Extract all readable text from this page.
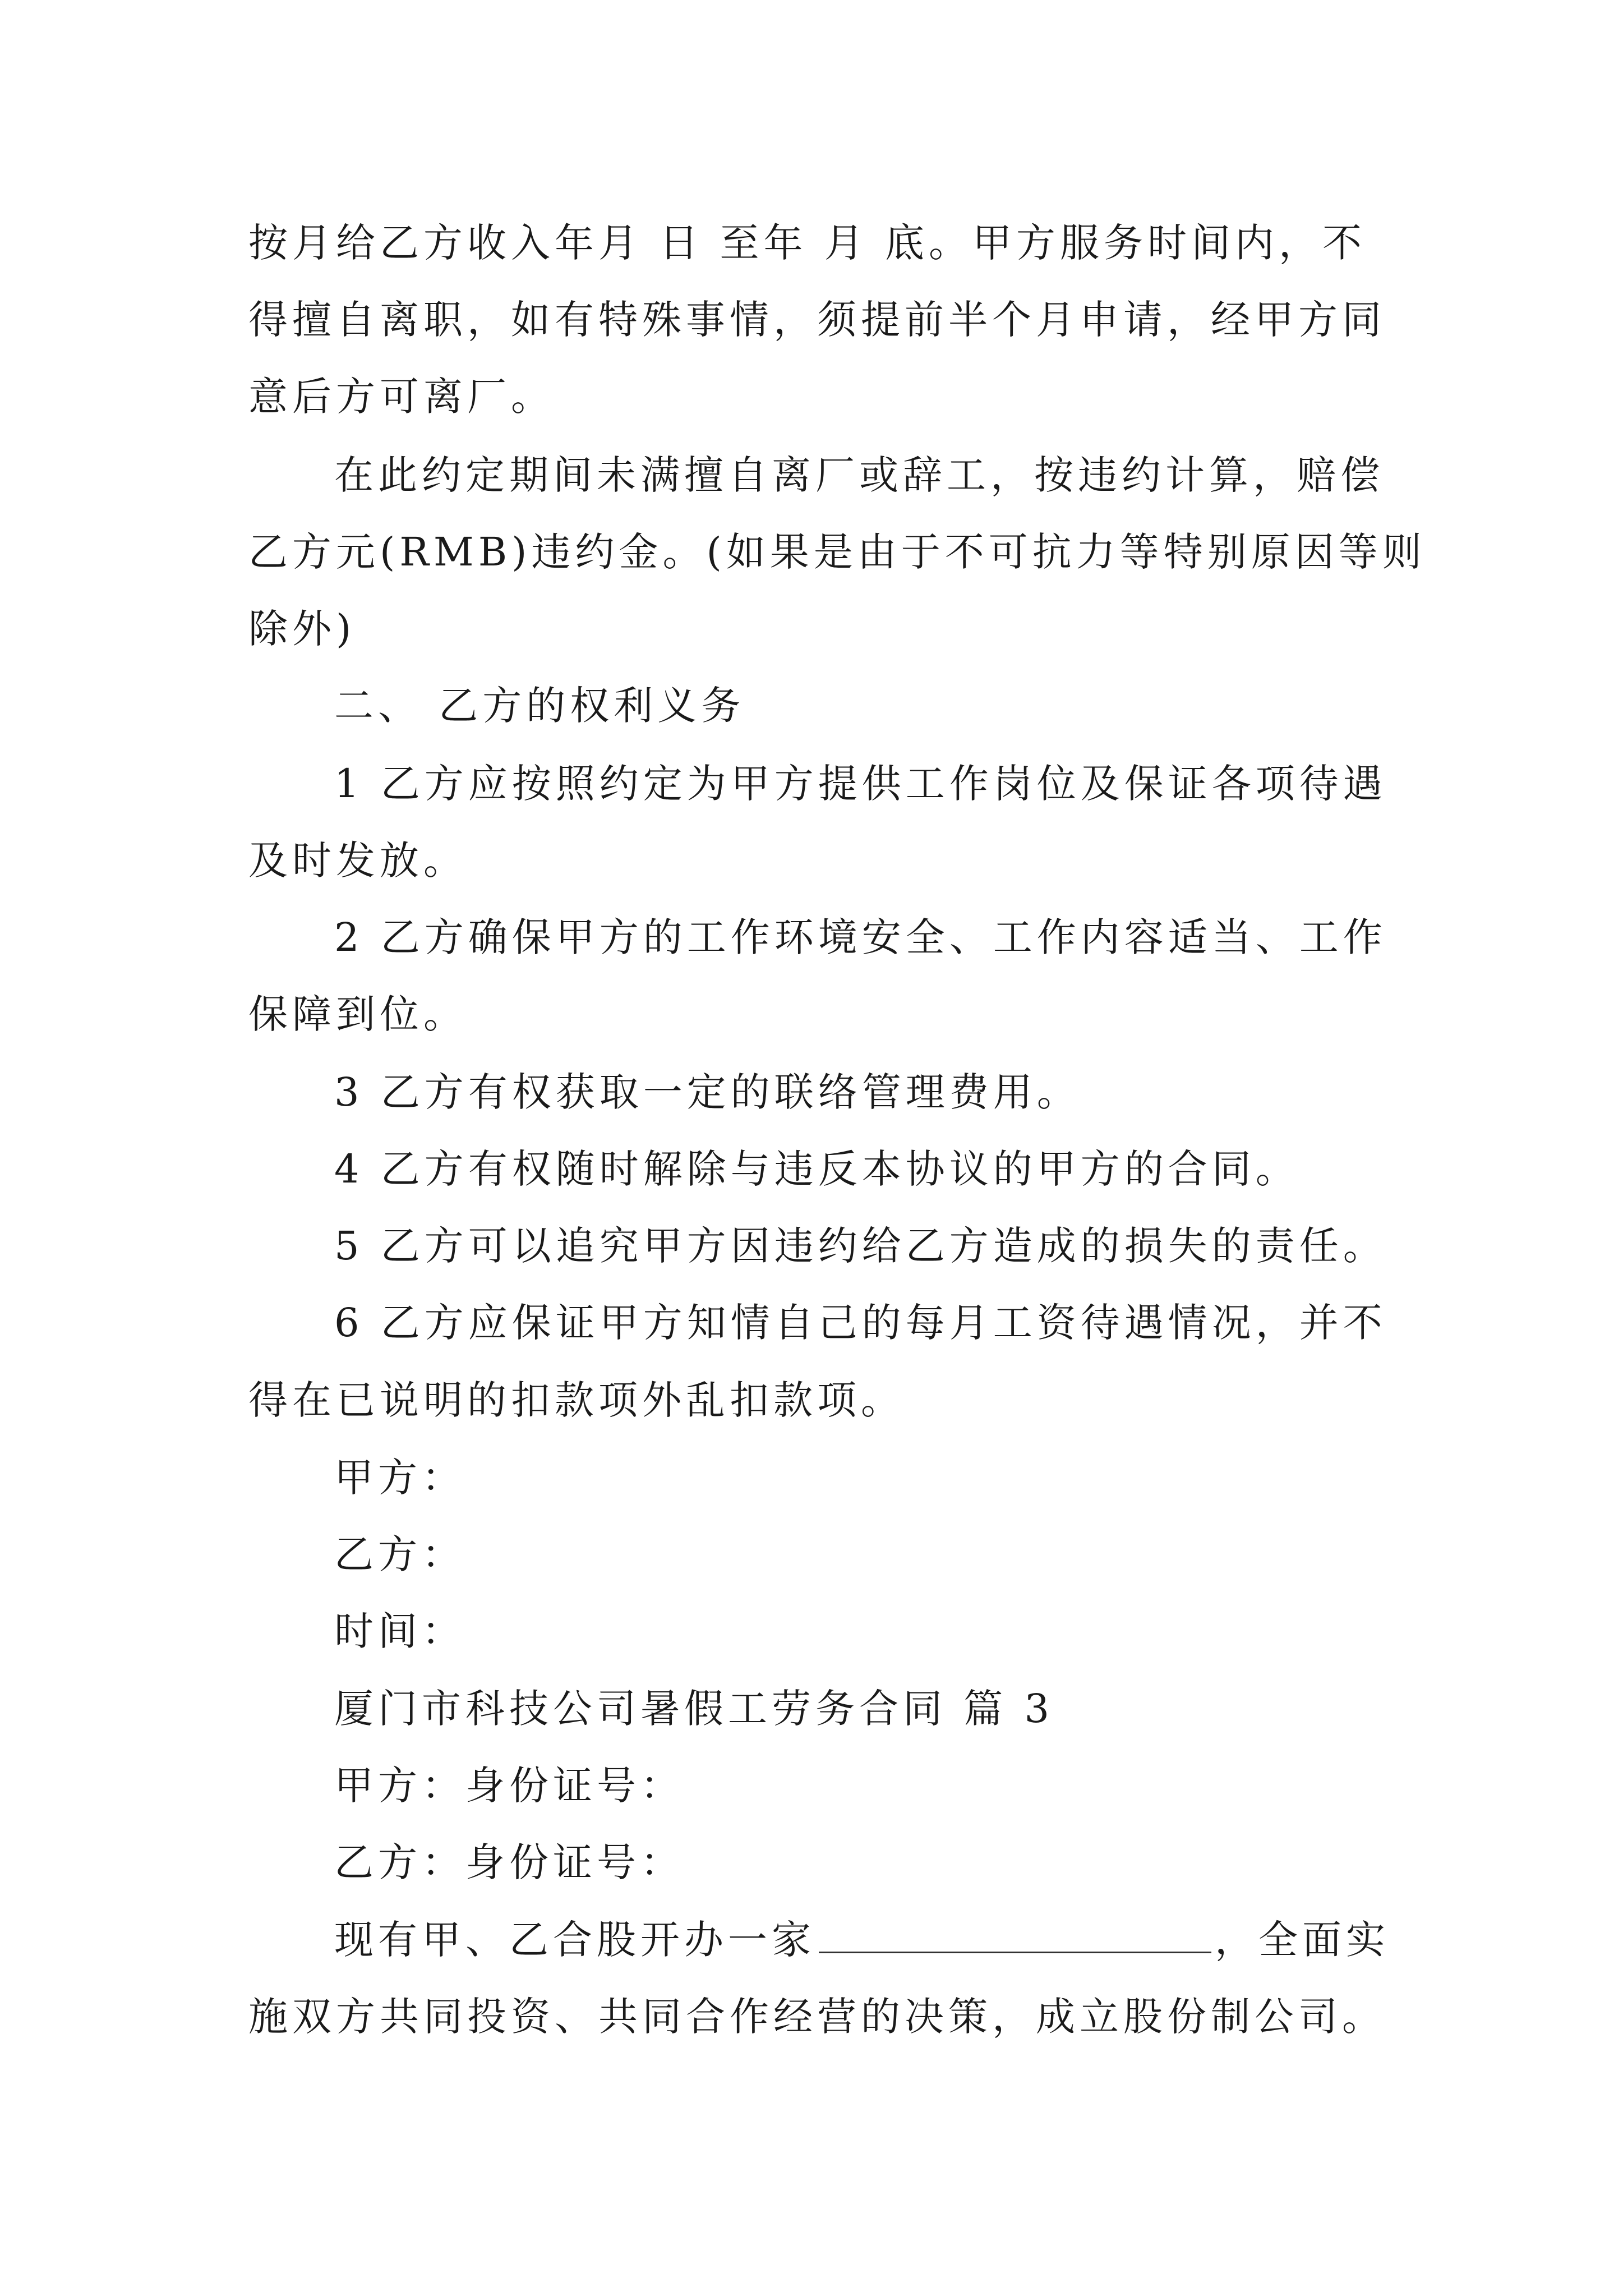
按月给乙方收入年月 日 至年 月 底。甲方服务时间内，不
得擅自离职，如有特殊事情，须提前半个月申请，经甲方同
意后方可离厂。
在此约定期间未满擅自离厂或辞工，按违约计算，赔偿
乙方元(RMB)违约金。(如果是由于不可抗力等特别原因等则
除外)
二、 乙方的权利义务
1 乙方应按照约定为甲方提供工作岗位及保证各项待遇
及时发放。
2 乙方确保甲方的工作环境安全、工作内容适当、工作
保障到位。
3 乙方有权获取一定的联络管理费用。
4 乙方有权随时解除与违反本协议的甲方的合同。
5 乙方可以追究甲方因违约给乙方造成的损失的责任。
6 乙方应保证甲方知情自己的每月工资待遇情况，并不
得在已说明的扣款项外乱扣款项。
甲方：
乙方：
时间：
厦门市科技公司暑假工劳务合同 篇 3
甲方：身份证号：
乙方：身份证号：
现有甲、乙合股开办一家	，全面实
施双方共同投资、共同合作经营的决策，成立股份制公司。
